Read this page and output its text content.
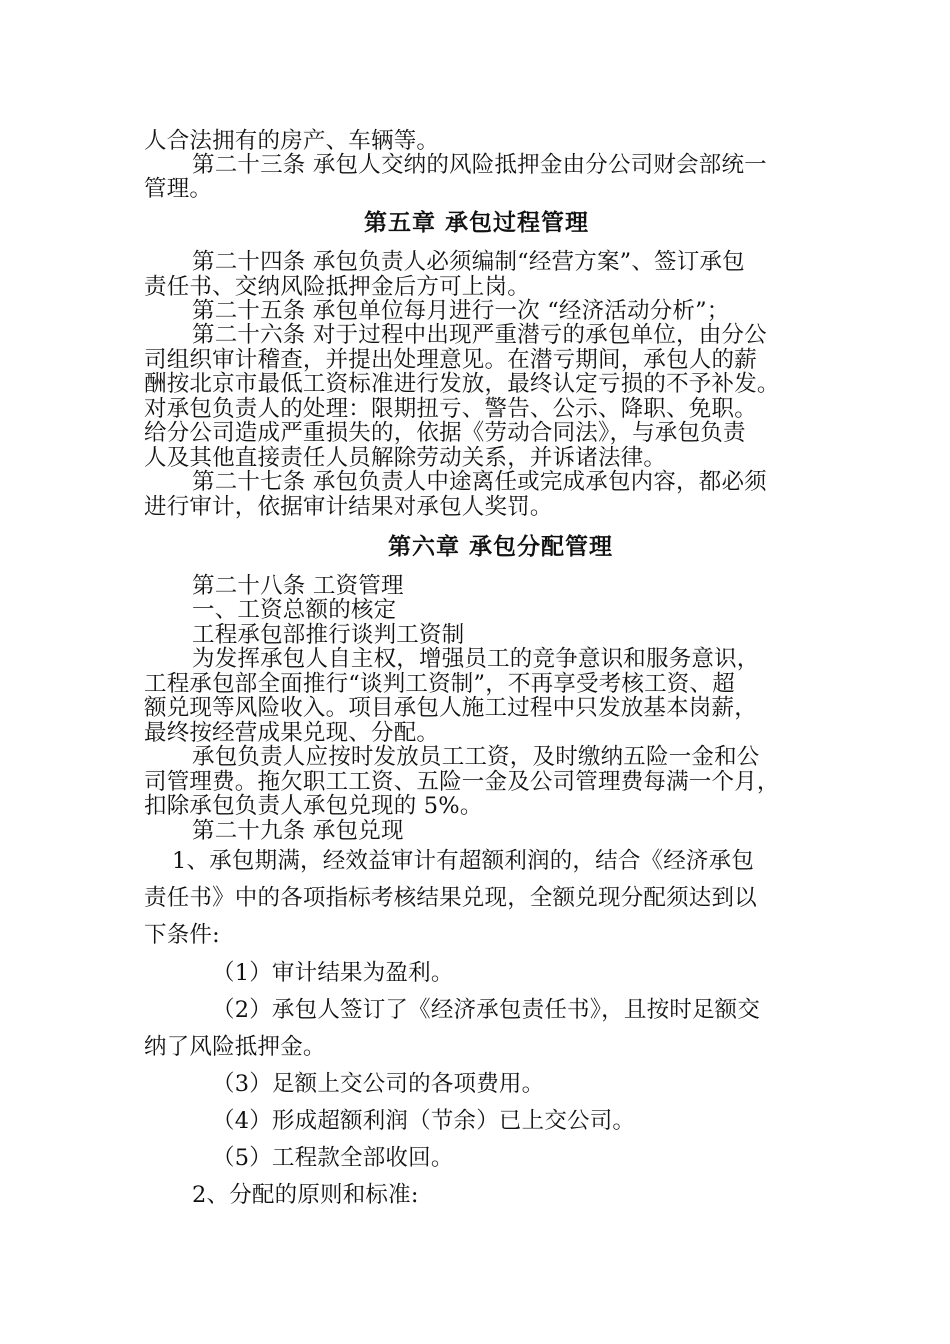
人合法拥有的房产、车辆等。
第二十三条 承包人交纳的风险抵押金由分公司财会部统一
管理。
第五章 承包过程管理
第二十四条 承包负责人必须编制“经营方案”、签订承包
责任书、交纳风险抵押金后方可上岗。
第二十五条 承包单位每月进行一次 “经济活动分析”；
第二十六条 对于过程中出现严重潜亏的承包单位，由分公
司组织审计稽查，并提出处理意见。在潜亏期间，承包人的薪
酬按北京市最低工资标准进行发放，最终认定亏损的不予补发。
对承包负责人的处理：限期扭亏、警告、公示、降职、免职。
给分公司造成严重损失的，依据《劳动合同法》，与承包负责
人及其他直接责任人员解除劳动关系，并诉诸法律。
第二十七条 承包负责人中途离任或完成承包内容，都必须
进行审计，依据审计结果对承包人奖罚。
第六章 承包分配管理
第二十八条 工资管理
一、工资总额的核定
工程承包部推行谈判工资制
为发挥承包人自主权，增强员工的竞争意识和服务意识，
工程承包部全面推行“谈判工资制”，不再享受考核工资、超
额兑现等风险收入。项目承包人施工过程中只发放基本岗薪，
最终按经营成果兑现、分配。
承包负责人应按时发放员工工资，及时缴纳五险一金和公
司管理费。拖欠职工工资、五险一金及公司管理费每满一个月，
扣除承包负责人承包兑现的 5%。
第二十九条 承包兑现
1、承包期满，经效益审计有超额利润的，结合《经济承包
责任书》中的各项指标考核结果兑现，全额兑现分配须达到以
下条件:
（1）审计结果为盈利。
（2）承包人签订了《经济承包责任书》，且按时足额交
纳了风险抵押金。
（3）足额上交公司的各项费用。
（4）形成超额利润（节余）已上交公司。
（5）工程款全部收回。
2、分配的原则和标准:
